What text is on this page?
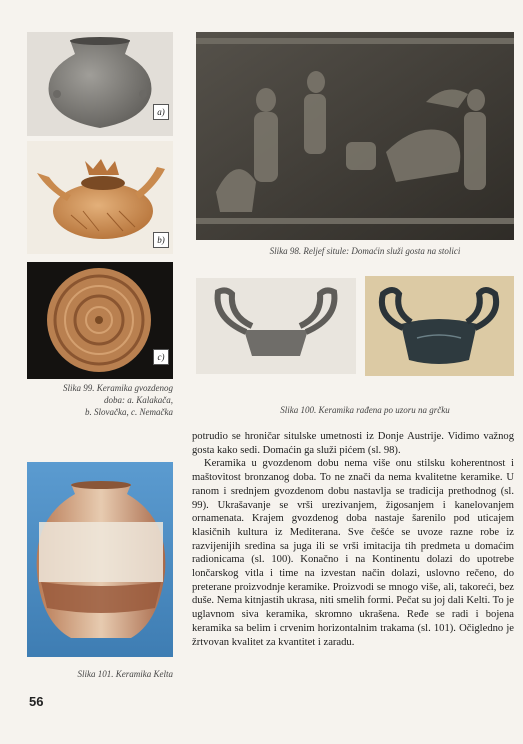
a)
b)
c)
Slika 99. Keramika gvozdenog
doba: a. Kalakača,
b. Slovačka, c. Nemačka
Slika 98. Reljef situle: Domaćin služi gosta na stolici
Slika 100. Keramika rađena po uzoru na grčku
Slika 101. Keramika Kelta

potrudio se hroničar situlske umetnosti iz Donje Austrije. Vidimo važnog gosta kako sedi. Domaćin ga služi pićem (sl. 98).

Keramika u gvozdenom dobu nema više onu stilsku koherentnost i maštovitost bronzanog doba. To ne znači da nema kvalitetne keramike. U ranom i srednjem gvozdenom dobu nastavlja se tradicija prethodnog (sl. 99). Ukrašavanje se vrši urezivanjem, žigosanjem i kanelovanjem ornamenata. Krajem gvozdenog doba nastaje šarenilo pod uticajem klasičnih kultura iz Mediterana. Sve češće se uvoze razne robe iz razvijenijih sredina sa juga ili se vrši imitacija tih predmeta u domaćim radionicama (sl. 100). Konačno i na Kontinentu dolazi do upotrebe lončarskog vitla i time na izvestan način dolazi, uslovno rečeno, do preterane proizvodnje keramike. Proizvodi se mnogo više, ali, takoreći, bez duše. Nema kitnjastih ukrasa, niti smelih formi. Pečat su joj dali Kelti. To je uglavnom siva keramika, skromno ukrašena. Ređe se radi i bojena keramika sa belim i crvenim horizontalnim trakama (sl. 101). Očigledno je žrtvovan kvalitet za kvantitet i zaradu.

56
